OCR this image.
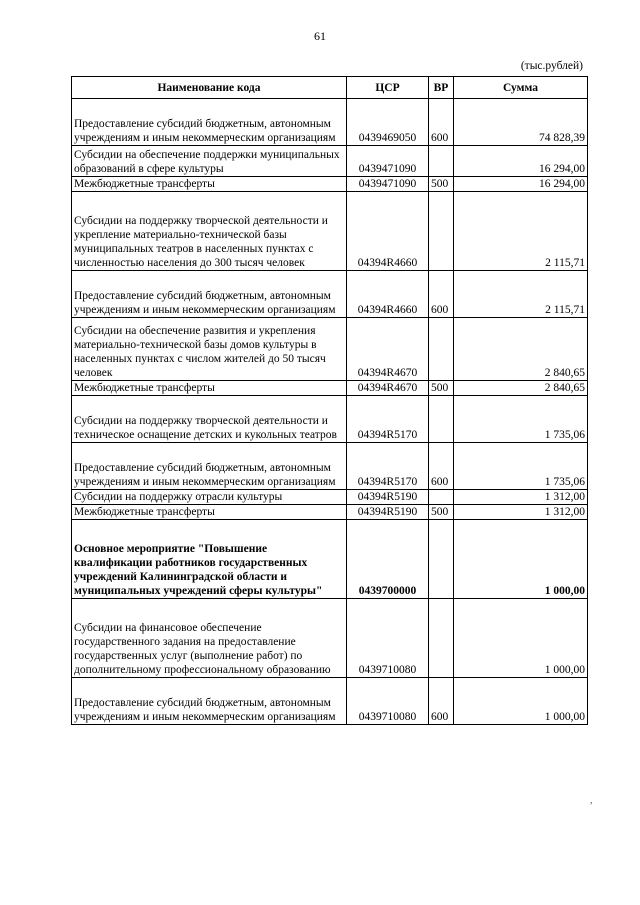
61
(тыс.рублей)
Наименование кода	ЦСР	ВР	Сумма
Предоставление субсидий бюджетным, автономным учреждениям и иным некоммерческим организациям	0439469050	600	74 828,39
Субсидии на обеспечение поддержки муниципальных образований в сфере культуры	0439471090		16 294,00
Межбюджетные трансферты	0439471090	500	16 294,00
Субсидии на поддержку творческой деятельности и укрепление материально-технической базы муниципальных театров в населенных пунктах с численностью населения до 300 тысяч человек	04394R4660		2 115,71
Предоставление субсидий бюджетным, автономным учреждениям и иным некоммерческим организациям	04394R4660	600	2 115,71
Субсидии на обеспечение развития и укрепления материально-технической базы домов культуры в населенных пунктах с числом жителей до 50 тысяч человек	04394R4670		2 840,65
Межбюджетные трансферты	04394R4670	500	2 840,65
Субсидии на поддержку творческой деятельности и техническое оснащение детских и кукольных театров	04394R5170		1 735,06
Предоставление субсидий бюджетным, автономным учреждениям и иным некоммерческим организациям	04394R5170	600	1 735,06
Субсидии на поддержку отрасли культуры	04394R5190		1 312,00
Межбюджетные трансферты	04394R5190	500	1 312,00
Основное мероприятие "Повышение квалификации работников государственных учреждений Калининградской области и муниципальных учреждений сферы культуры"	0439700000		1 000,00
Субсидии на финансовое обеспечение государственного задания на предоставление государственных услуг (выполнение работ) по дополнительному профессиональному образованию	0439710080		1 000,00
Предоставление субсидий бюджетным, автономным учреждениям и иным некоммерческим организациям	0439710080	600	1 000,00
,
